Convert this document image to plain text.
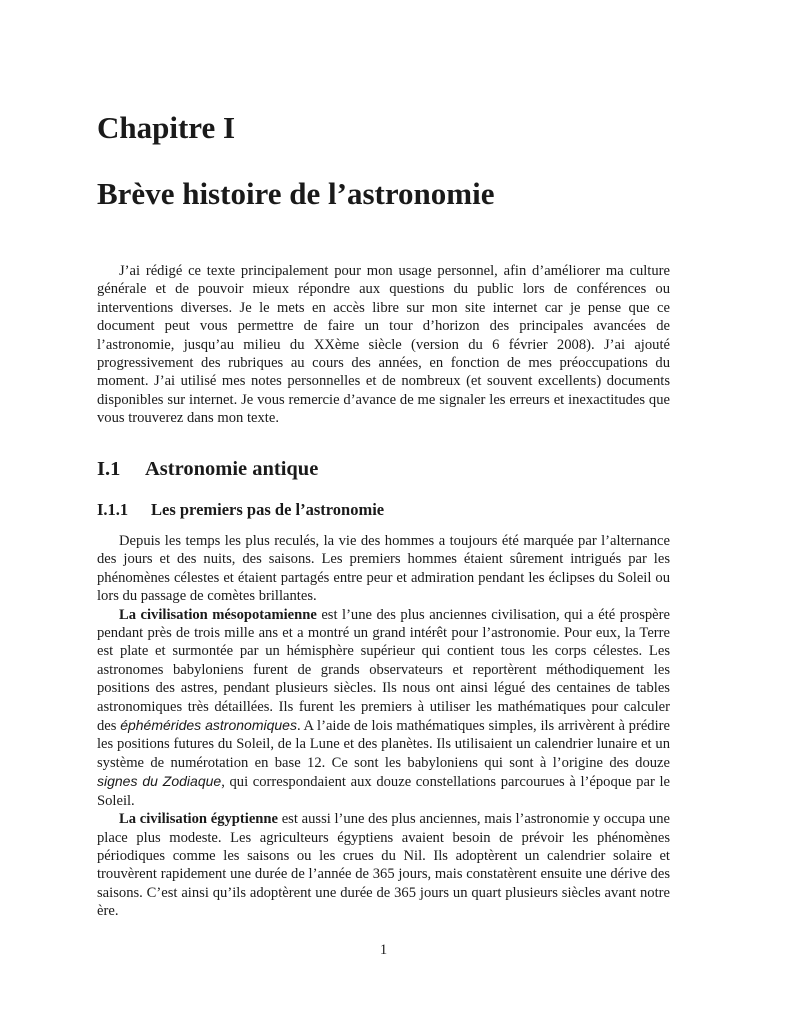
Chapitre I
Brève histoire de l’astronomie

J’ai rédigé ce texte principalement pour mon usage personnel, afin d’améliorer ma culture générale et de pouvoir mieux répondre aux questions du public lors de conférences ou interventions diverses. Je le mets en accès libre sur mon site internet car je pense que ce document peut vous permettre de faire un tour d’horizon des principales avancées de l’astronomie, jusqu’au milieu du XXème siècle (version du 6 février 2008). J’ai ajouté progressivement des rubriques au cours des années, en fonction de mes préoccupations du moment. J’ai utilisé mes notes personnelles et de nombreux (et souvent excellents) documents disponibles sur internet. Je vous remercie d’avance de me signaler les erreurs et inexactitudes que vous trouverez dans mon texte.

I.1 Astronomie antique
I.1.1 Les premiers pas de l’astronomie

Depuis les temps les plus reculés, la vie des hommes a toujours été marquée par l’alternance des jours et des nuits, des saisons. Les premiers hommes étaient sûrement intrigués par les phénomènes célestes et étaient partagés entre peur et admiration pendant les éclipses du Soleil ou lors du passage de comètes brillantes.

La civilisation mésopotamienne est l’une des plus anciennes civilisation, qui a été prospère pendant près de trois mille ans et a montré un grand intérêt pour l’astronomie. Pour eux, la Terre est plate et surmontée par un hémisphère supérieur qui contient tous les corps célestes. Les astronomes babyloniens furent de grands observateurs et reportèrent méthodiquement les positions des astres, pendant plusieurs siècles. Ils nous ont ainsi légué des centaines de tables astronomiques très détaillées. Ils furent les premiers à utiliser les mathématiques pour calculer des éphémérides astronomiques. A l’aide de lois mathématiques simples, ils arrivèrent à prédire les positions futures du Soleil, de la Lune et des planètes. Ils utilisaient un calendrier lunaire et un système de numérotation en base 12. Ce sont les babyloniens qui sont à l’origine des douze signes du Zodiaque, qui correspondaient aux douze constellations parcourues à l’époque par le Soleil.

La civilisation égyptienne est aussi l’une des plus anciennes, mais l’astronomie y occupa une place plus modeste. Les agriculteurs égyptiens avaient besoin de prévoir les phénomènes périodiques comme les saisons ou les crues du Nil. Ils adoptèrent un calendrier solaire et trouvèrent rapidement une durée de l’année de 365 jours, mais constatèrent ensuite une dérive des saisons. C’est ainsi qu’ils adoptèrent une durée de 365 jours un quart plusieurs siècles avant notre ère.

1
